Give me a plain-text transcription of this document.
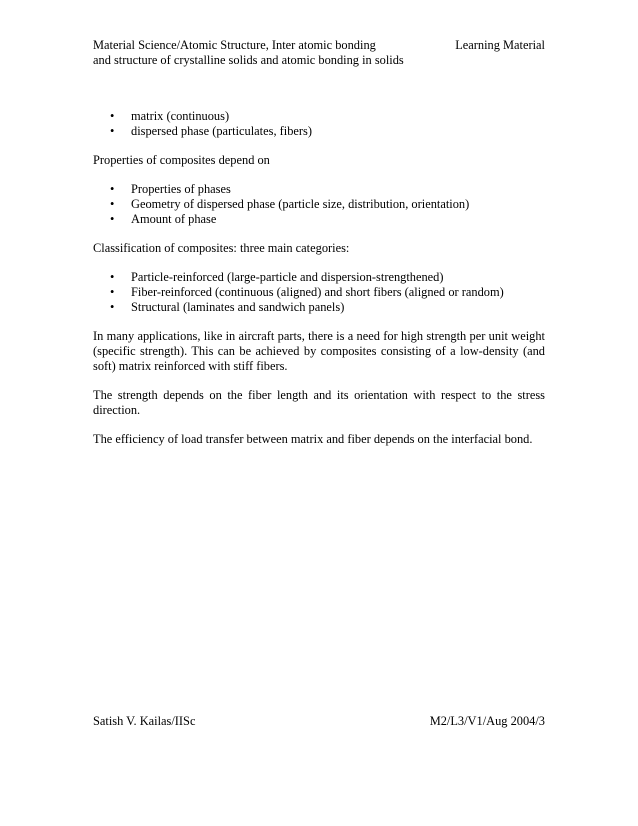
Material Science/Atomic Structure, Inter atomic bonding
and structure of crystalline solids and atomic bonding in solids
Learning Material
• matrix (continuous)
• dispersed phase (particulates, fibers)

Properties of composites depend on

• Properties of phases
• Geometry of dispersed phase (particle size, distribution, orientation)
• Amount of phase

Classification of composites: three main categories:

• Particle-reinforced (large-particle and dispersion-strengthened)
• Fiber-reinforced (continuous (aligned) and short fibers (aligned or random)
• Structural (laminates and sandwich panels)

In many applications, like in aircraft parts, there is a need for high strength per unit weight (specific strength). This can be achieved by composites consisting of a low-density (and soft) matrix reinforced with stiff fibers.

The strength depends on the fiber length and its orientation with respect to the stress direction.

The efficiency of load transfer between matrix and fiber depends on the interfacial bond.

Satish V. Kailas/IISc	M2/L3/V1/Aug 2004/3
